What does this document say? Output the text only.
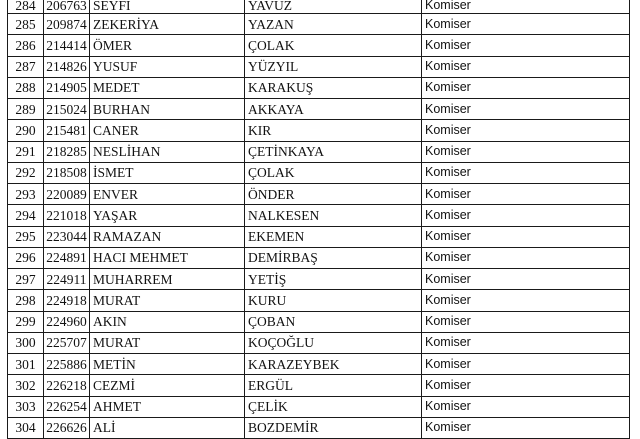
284	206763	SEYFİ	YAVUZ	Komiser
285	209874	ZEKERİYA	YAZAN	Komiser
286	214414	ÖMER	ÇOLAK	Komiser
287	214826	YUSUF	YÜZYIL	Komiser
288	214905	MEDET	KARAKUŞ	Komiser
289	215024	BURHAN	AKKAYA	Komiser
290	215481	CANER	KIR	Komiser
291	218285	NESLİHAN	ÇETİNKAYA	Komiser
292	218508	İSMET	ÇOLAK	Komiser
293	220089	ENVER	ÖNDER	Komiser
294	221018	YAŞAR	NALKESEN	Komiser
295	223044	RAMAZAN	EKEMEN	Komiser
296	224891	HACI MEHMET	DEMİRBAŞ	Komiser
297	224911	MUHARREM	YETİŞ	Komiser
298	224918	MURAT	KURU	Komiser
299	224960	AKIN	ÇOBAN	Komiser
300	225707	MURAT	KOÇOĞLU	Komiser
301	225886	METİN	KARAZEYBEK	Komiser
302	226218	CEZMİ	ERGÜL	Komiser
303	226254	AHMET	ÇELİK	Komiser
304	226626	ALİ	BOZDEMİR	Komiser
